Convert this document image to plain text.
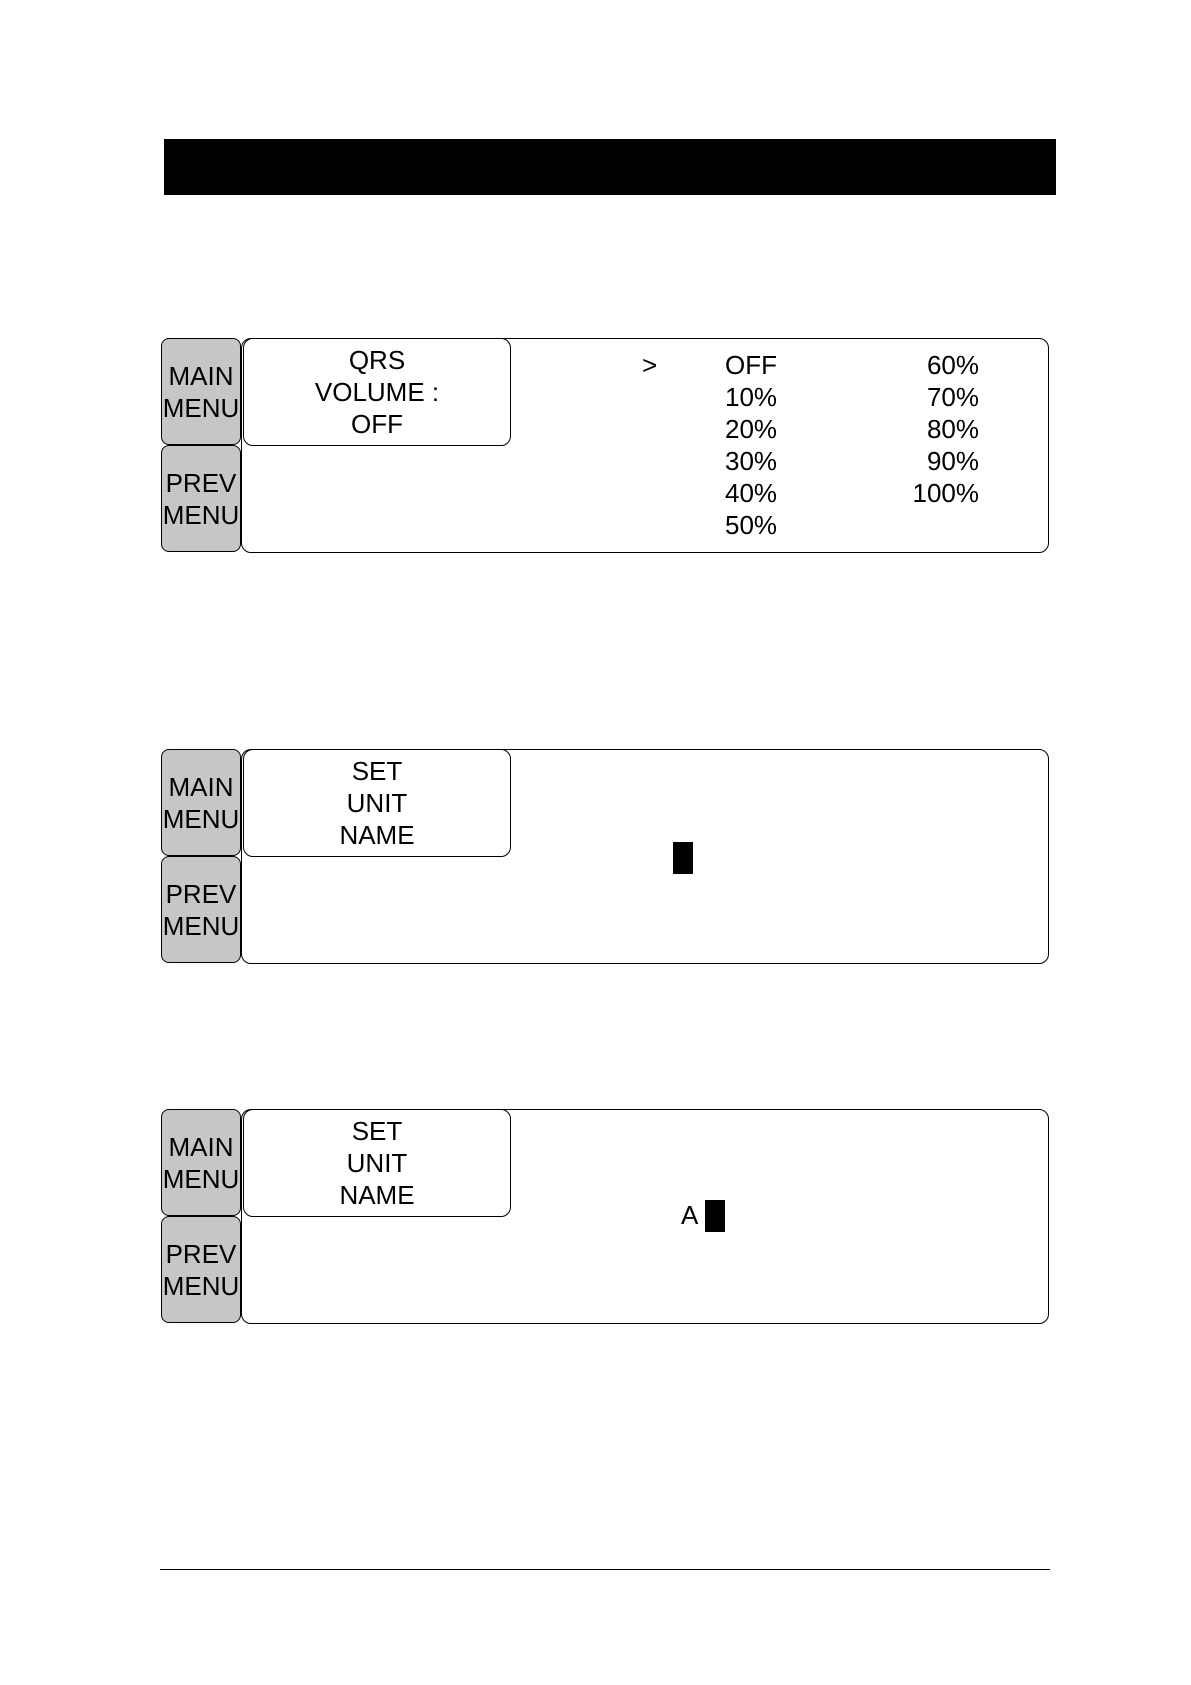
MAIN
MENU
PREV
MENU
>	OFF
10%
20%
30%
40%
50%
60%
70%
80%
90%
100%
QRS
VOLUME :
OFF
MAIN
MENU
PREV
MENU
SET
UNIT
NAME
MAIN
MENU
PREV
MENU
A
SET
UNIT
NAME
